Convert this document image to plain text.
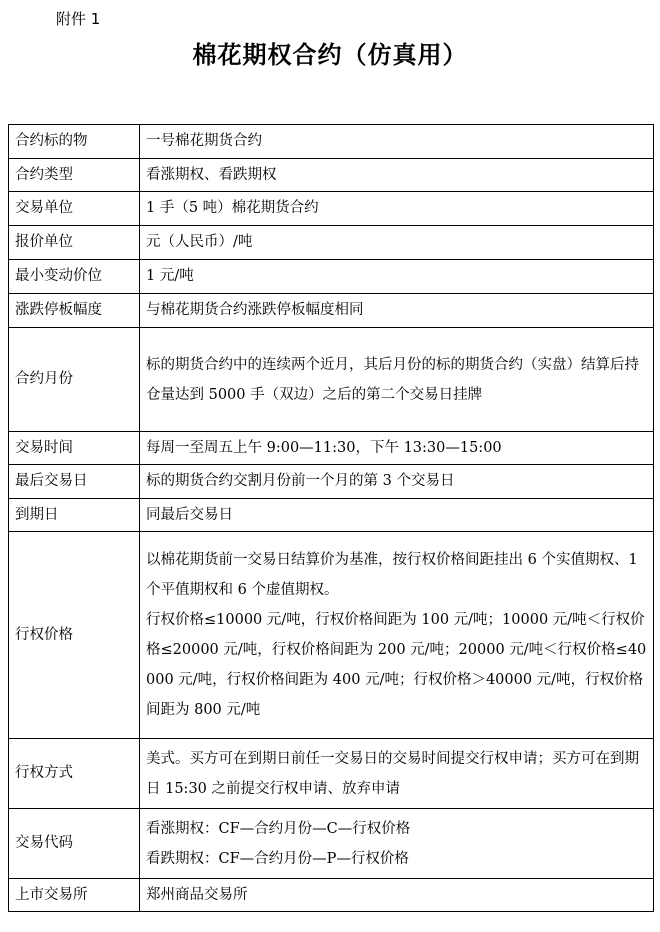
附件 1
棉花期权合约（仿真用）
合约标的物	一号棉花期货合约

合约类型	看涨期权、看跌期权

交易单位	1 手（5 吨）棉花期货合约

报价单位	元（人民币）/吨

最小变动价位	1 元/吨

涨跌停板幅度	与棉花期货合约涨跌停板幅度相同

合约月份	标的期货合约中的连续两个近月，其后月份的标的期货合约（实盘）结算后持仓量达到 5000 手（双边）之后的第二个交易日挂牌

交易时间	每周一至周五上午 9:00—11:30，下午 13:30—15:00

最后交易日	标的期货合约交割月份前一个月的第 3 个交易日

到期日	同最后交易日

行权价格	以棉花期货前一交易日结算价为基准，按行权价格间距挂出 6 个实值期权、1 个平值期权和 6 个虚值期权。
行权价格≤10000 元/吨，行权价格间距为 100 元/吨；10000 元/吨＜行权价格≤20000 元/吨，行权价格间距为 200 元/吨；20000 元/吨＜行权价格≤40000 元/吨，行权价格间距为 400 元/吨；行权价格＞40000 元/吨，行权价格间距为 800 元/吨

行权方式	美式。买方可在到期日前任一交易日的交易时间提交行权申请；买方可在到期日 15:30 之前提交行权申请、放弃申请

交易代码	看涨期权：CF—合约月份—C—行权价格
看跌期权：CF—合约月份—P—行权价格

上市交易所	郑州商品交易所
